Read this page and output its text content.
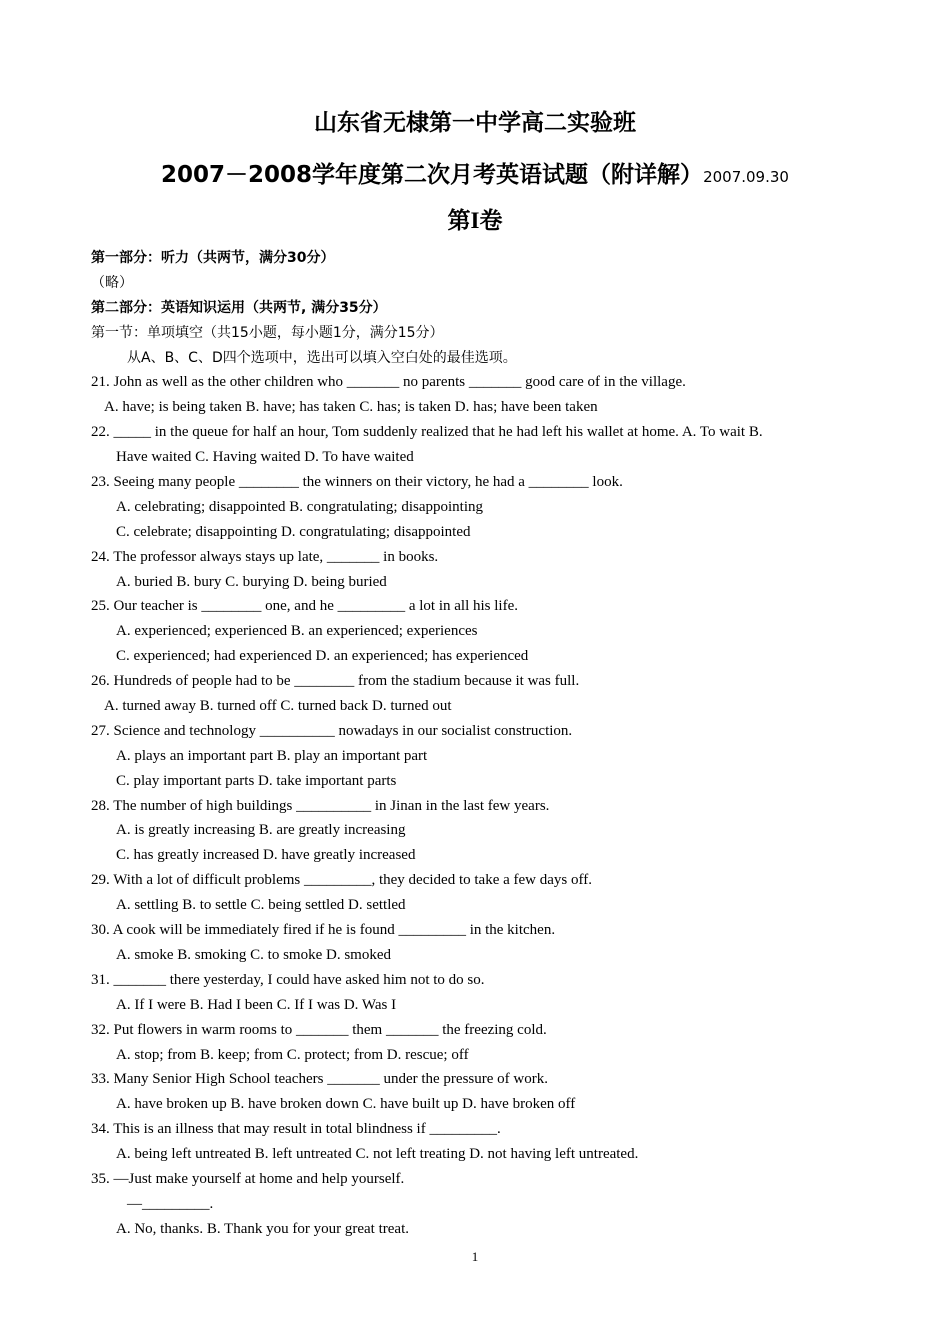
山东省无棣第一中学高二实验班
2007－2008学年度第二次月考英语试题（附详解）2007.09.30
第I卷
第一部分：听力（共两节，满分30分）
（略）
第二部分：英语知识运用（共两节, 满分35分）
第一节：单项填空（共15小题，每小题1分，满分15分）
从A、B、C、D四个选项中，选出可以填入空白处的最佳选项。
21. John as well as the other children who _______ no parents _______ good care of in the village.
A. have; is being taken B. have; has taken C. has; is taken D. has; have been taken
22. _____ in the queue for half an hour, Tom suddenly realized that he had left his wallet at home. A. To wait B.
Have waited C. Having waited D. To have waited
23. Seeing many people ________ the winners on their victory, he had a ________ look.
A. celebrating; disappointed B. congratulating; disappointing
C. celebrate; disappointing D. congratulating; disappointed
24. The professor always stays up late, _______ in books.
A. buried B. bury C. burying D. being buried
25. Our teacher is ________ one, and he _________ a lot in all his life.
A. experienced; experienced B. an experienced; experiences
C. experienced; had experienced D. an experienced; has experienced
26. Hundreds of people had to be ________ from the stadium because it was full.
A. turned away B. turned off C. turned back D. turned out
27. Science and technology __________ nowadays in our socialist construction.
A. plays an important part B. play an important part
C. play important parts D. take important parts
28. The number of high buildings __________ in Jinan in the last few years.
A. is greatly increasing B. are greatly increasing
C. has greatly increased D. have greatly increased
29. With a lot of difficult problems _________, they decided to take a few days off.
A. settling B. to settle C. being settled D. settled
30. A cook will be immediately fired if he is found _________ in the kitchen.
A. smoke B. smoking C. to smoke D. smoked
31. _______ there yesterday, I could have asked him not to do so.
A. If I were B. Had I been C. If I was D. Was I
32. Put flowers in warm rooms to _______ them _______ the freezing cold.
A. stop; from B. keep; from C. protect; from D. rescue; off
33. Many Senior High School teachers _______ under the pressure of work.
A. have broken up B. have broken down C. have built up D. have broken off
34. This is an illness that may result in total blindness if _________.
A. being left untreated B. left untreated C. not left treating D. not having left untreated.
35. —Just make yourself at home and help yourself.
—_________.
A. No, thanks. B. Thank you for your great treat.
1
